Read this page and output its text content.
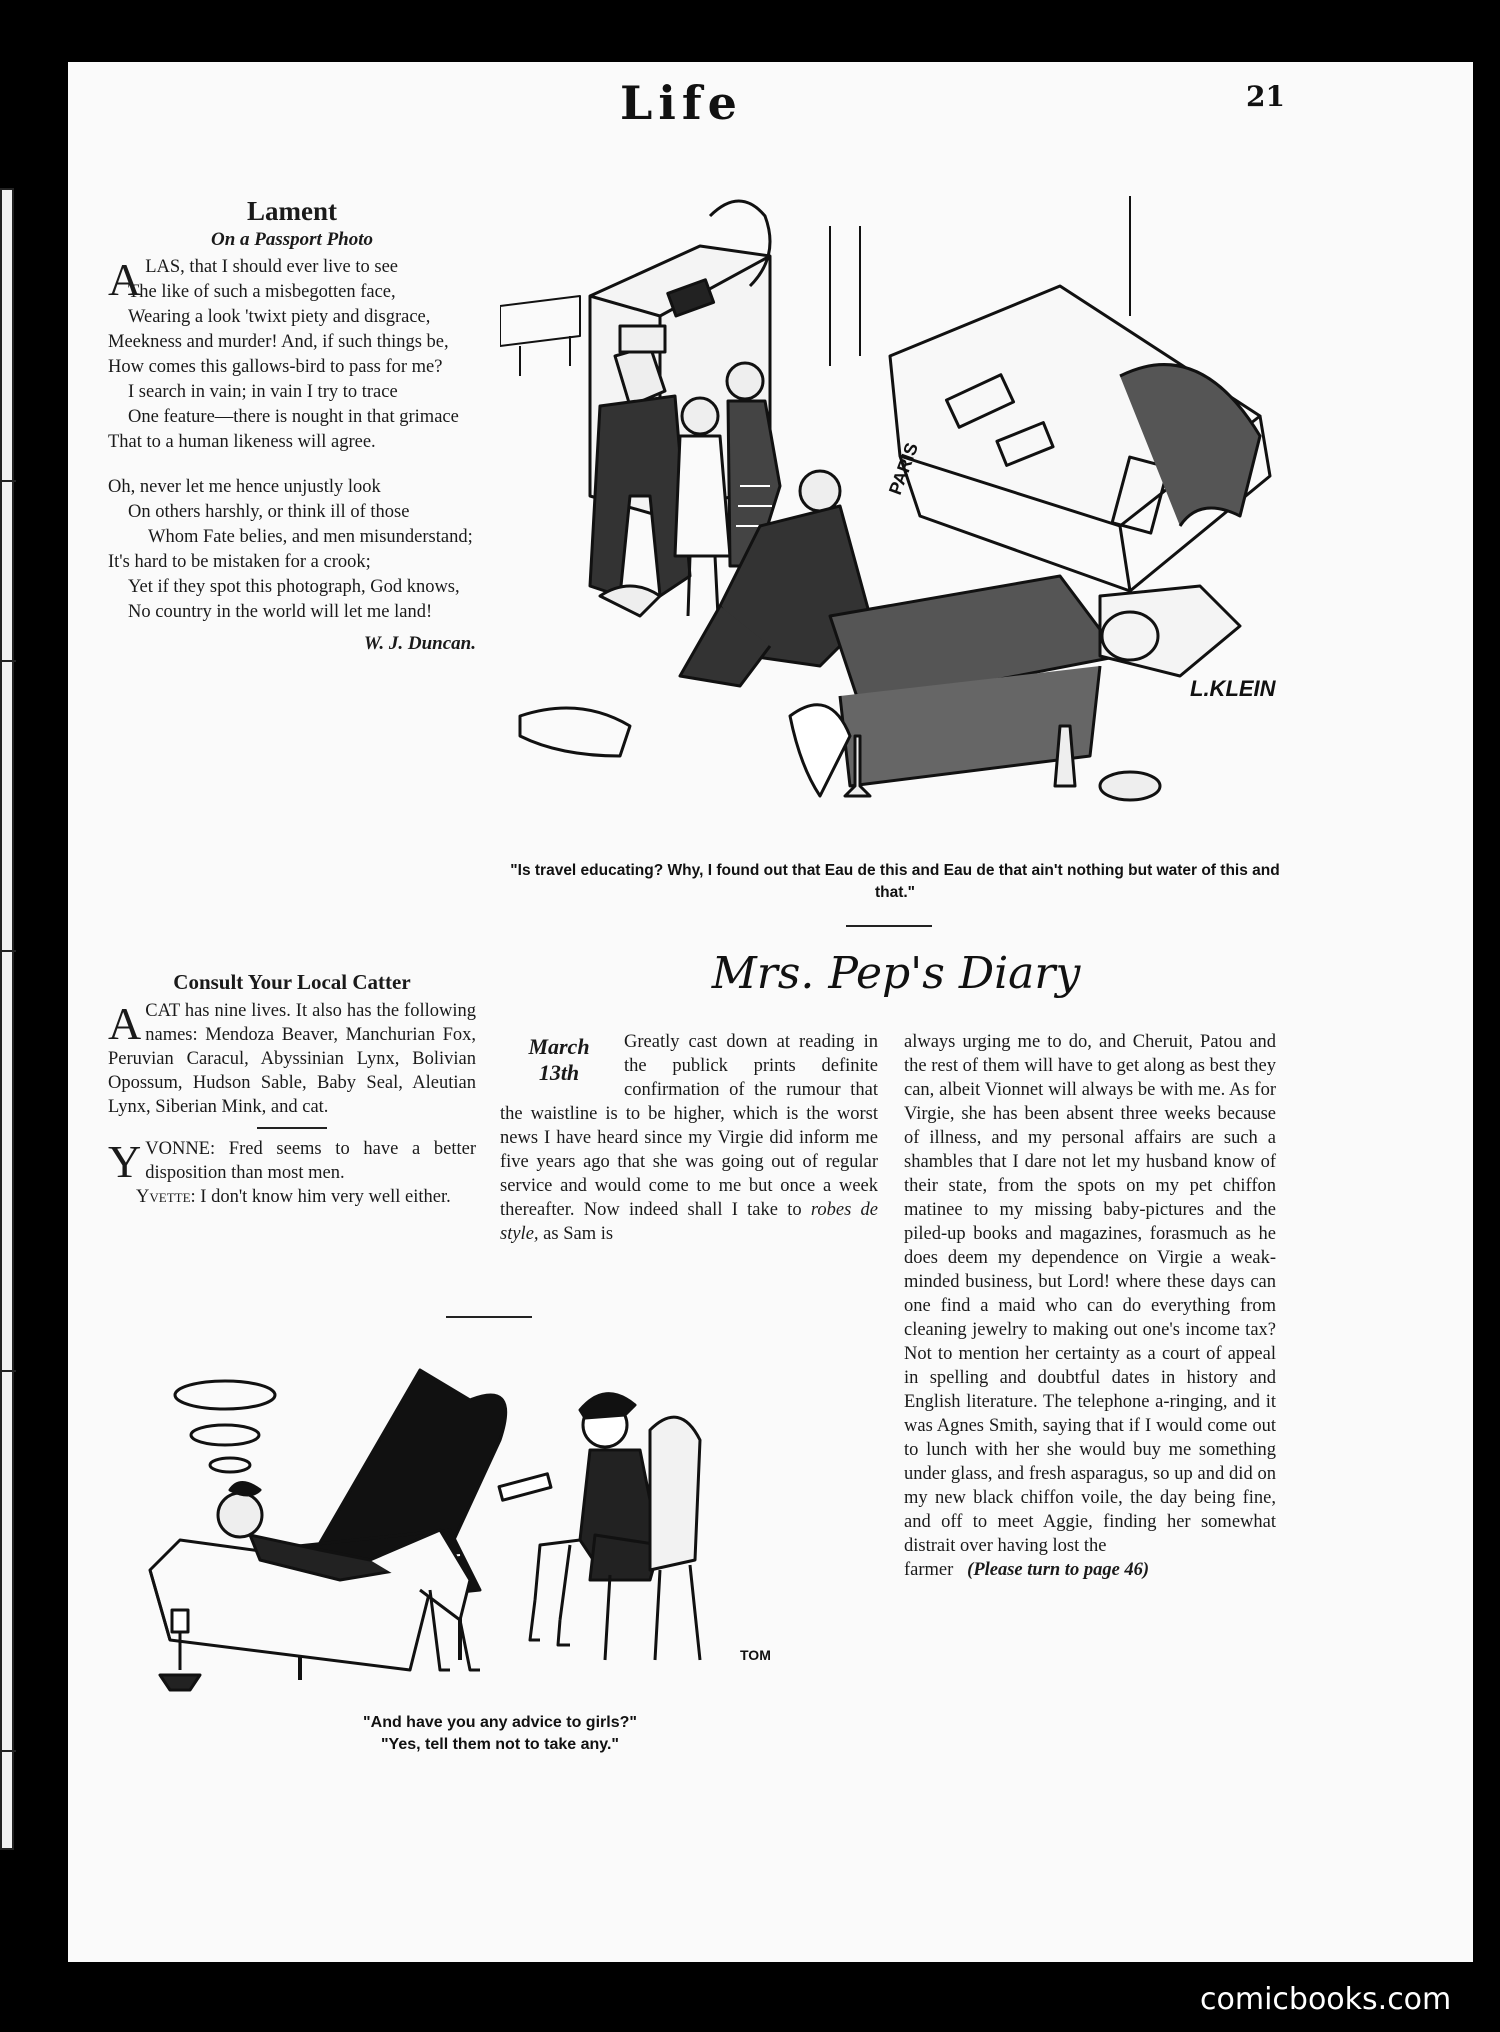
Life	21
Lament
On a Passport Photo

ALAS, that I should ever live to see

The like of such a misbegotten face,

Wearing a look 'twixt piety and disgrace,

Meekness and murder! And, if such things be,

How comes this gallows-bird to pass for me?

I search in vain; in vain I try to trace

One feature—there is nought in that grimace

That to a human likeness will agree.

Oh, never let me hence unjustly look

On others harshly, or think ill of those

Whom Fate belies, and men misunderstand;

It's hard to be mistaken for a crook;

Yet if they spot this photograph, God knows,

No country in the world will let me land!

W. J. Duncan.
Consult Your Local Catter

A CAT has nine lives. It also has the following names: Mendoza Beaver, Manchurian Fox, Peruvian Caracul, Abyssinian Lynx, Bolivian Opossum, Hudson Sable, Baby Seal, Aleutian Lynx, Siberian Mink, and cat.

YVONNE: Fred seems to have a better disposition than most men.

Yvette: I don't know him very well either.

PARIS
L.KLEIN
"Is travel educating? Why, I found out that Eau de this and Eau de that ain't nothing but water of this and that."
Mrs. Pep's Diary
March
13th

Greatly cast down at reading in the publick prints definite confirmation of the rumour that the waistline is to be higher, which is the worst news I have heard since my Virgie did inform me five years ago that she was going out of regular service and would come to me but once a week thereafter. Now indeed shall I take to robes de style, as Sam is

always urging me to do, and Cheruit, Patou and the rest of them will have to get along as best they can, albeit Vionnet will always be with me. As for Virgie, she has been absent three weeks because of illness, and my personal affairs are such a shambles that I dare not let my husband know of their state, from the spots on my pet chiffon matinee to my missing baby-pictures and the piled-up books and magazines, forasmuch as he does deem my dependence on Virgie a weak-minded business, but Lord! where these days can one find a maid who can do everything from cleaning jewelry to making out one's income tax? Not to mention her certainty as a court of appeal in spelling and doubtful dates in history and English literature. The telephone a-ringing, and it was Agnes Smith, saying that if I would come out to lunch with her she would buy me something under glass, and fresh asparagus, so up and did on my new black chiffon voile, the day being fine, and off to meet Aggie, finding her somewhat distrait over having lost the
farmer (Please turn to page 46)

TOM
"And have you any advice to girls?"
"Yes, tell them not to take any."
comicbooks.com
